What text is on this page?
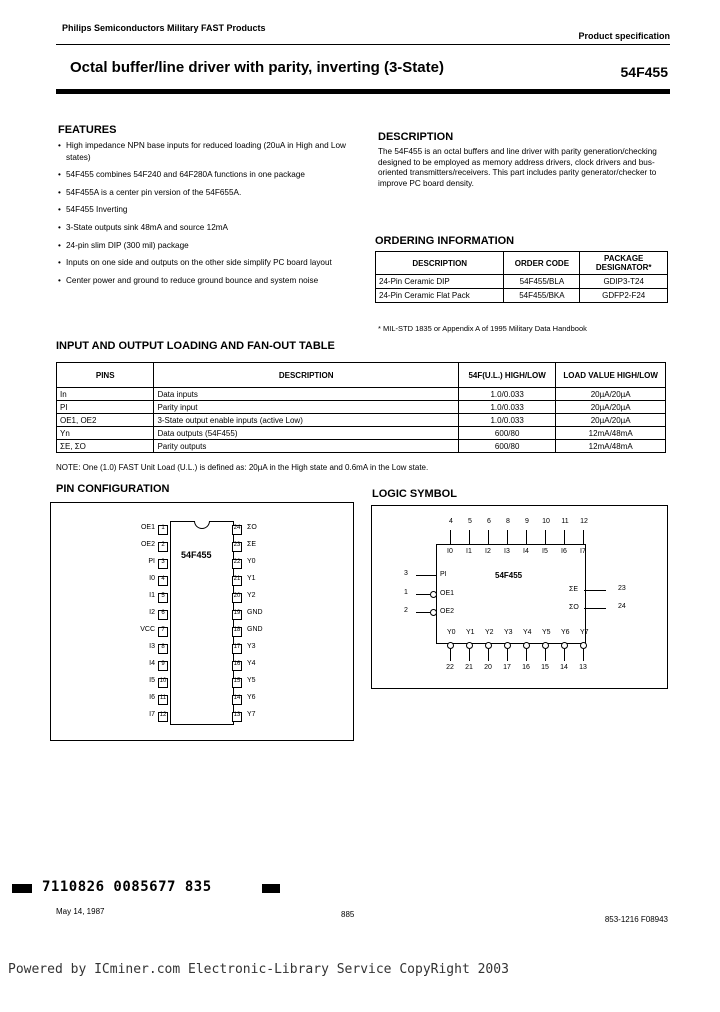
Philips Semiconductors Military FAST Products
Product specification
Octal buffer/line driver with parity, inverting (3-State)	54F455
FEATURES
• High impedance NPN base inputs for reduced loading (20uA in High and Low states)
• 54F455 combines 54F240 and 64F280A functions in one package
• 54F455A is a center pin version of the 54F655A.
• 54F455 Inverting
• 3-State outputs sink 48mA and source 12mA
• 24-pin slim DIP (300 mil) package
• Inputs on one side and outputs on the other side simplify PC board layout
• Center power and ground to reduce ground bounce and system noise
DESCRIPTION
The 54F455 is an octal buffers and line driver with parity generation/checking designed to be employed as memory address drivers, clock drivers and bus-oriented transmitters/receivers. This part includes parity generator/checker to improve PC board density.
ORDERING INFORMATION
DESCRIPTION	ORDER CODE	PACKAGE DESIGNATOR*
24-Pin Ceramic DIP	54F455/BLA	GDIP3-T24
24-Pin Ceramic Flat Pack	54F455/BKA	GDFP2-F24
* MIL-STD 1835 or Appendix A of 1995 Military Data Handbook
INPUT AND OUTPUT LOADING AND FAN-OUT TABLE
PINS	DESCRIPTION	54F(U.L.) HIGH/LOW	LOAD VALUE HIGH/LOW
In	Data inputs	1.0/0.033	20µA/20µA
PI	Parity input	1.0/0.033	20µA/20µA
OE1, OE2	3-State output enable inputs (active Low)	1.0/0.033	20µA/20µA
Yn	Data outputs (54F455)	600/80	12mA/48mA
ΣE, ΣO	Parity outputs	600/80	12mA/48mA
NOTE: One (1.0) FAST Unit Load (U.L.) is defined as: 20µA in the High state and 0.6mA in the Low state.
PIN CONFIGURATION
54F455
OE1	1
OE2	2
PI	3
I0	4
I1	5
I2	6
VCC	7
I3	8
I4	9
I5 10
I6 11
I7 12
24 ΣO
23 ΣE
22 Y0
21 Y1
20 Y2
19 GND
18 GND
17 Y3
16 Y4
15 Y5
14 Y6
13 Y7
LOGIC SYMBOL
54F455
I0 I1 I2 I3 I4 I5 I6 I7
PI
OE1
OE2
ΣE
ΣO
Y0 Y1 Y2 Y3 Y4 Y5 Y6 Y7
4	5	6	8	9	10	11	12
22	21	20	17	16	15	14	13
3
1
2
23
24
7110826 0085677 835
May 14, 1987	885
853-1216 F08943
Powered by ICminer.com Electronic-Library Service CopyRight 2003
